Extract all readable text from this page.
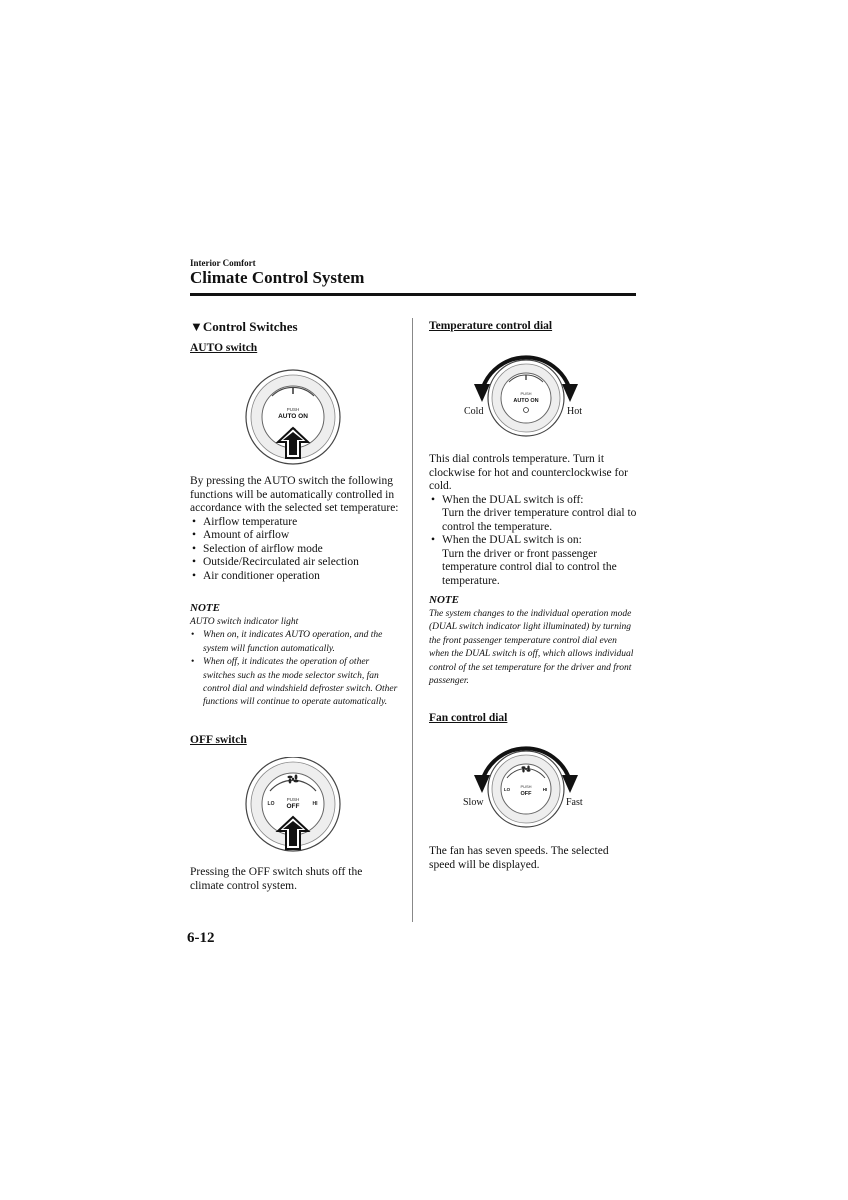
Interior Comfort
Climate Control System
▼Control Switches
AUTO switch
PUSH
AUTO ON

By pressing the AUTO switch the following functions will be automatically controlled in accordance with the selected set temperature:

• Airflow temperature
• Amount of airflow
• Selection of airflow mode
• Outside/Recirculated air selection
• Air conditioner operation
NOTE

AUTO switch indicator light

• When on, it indicates AUTO operation, and the system will function automatically.
• When off, it indicates the operation of other switches such as the mode selector switch, fan control dial and windshield defroster switch. Other functions will continue to operate automatically.
OFF switch
LO	HI
PUSH
OFF
Pressing the OFF switch shuts off the climate control system.
Temperature control dial
PUSH
AUTO ON
Cold	Hot

This dial controls temperature. Turn it clockwise for hot and counterclockwise for cold.

• When the DUAL switch is off:
Turn the driver temperature control dial to control the temperature.
• When the DUAL switch is on:
Turn the driver or front passenger temperature control dial to control the temperature.
NOTE
The system changes to the individual operation mode (DUAL switch indicator light illuminated) by turning the front passenger temperature control dial even when the DUAL switch is off, which allows individual control of the set temperature for the driver and front passenger.
Fan control dial
LO	HI
PUSH
OFF
Slow	Fast
The fan has seven speeds. The selected speed will be displayed.
6-12
